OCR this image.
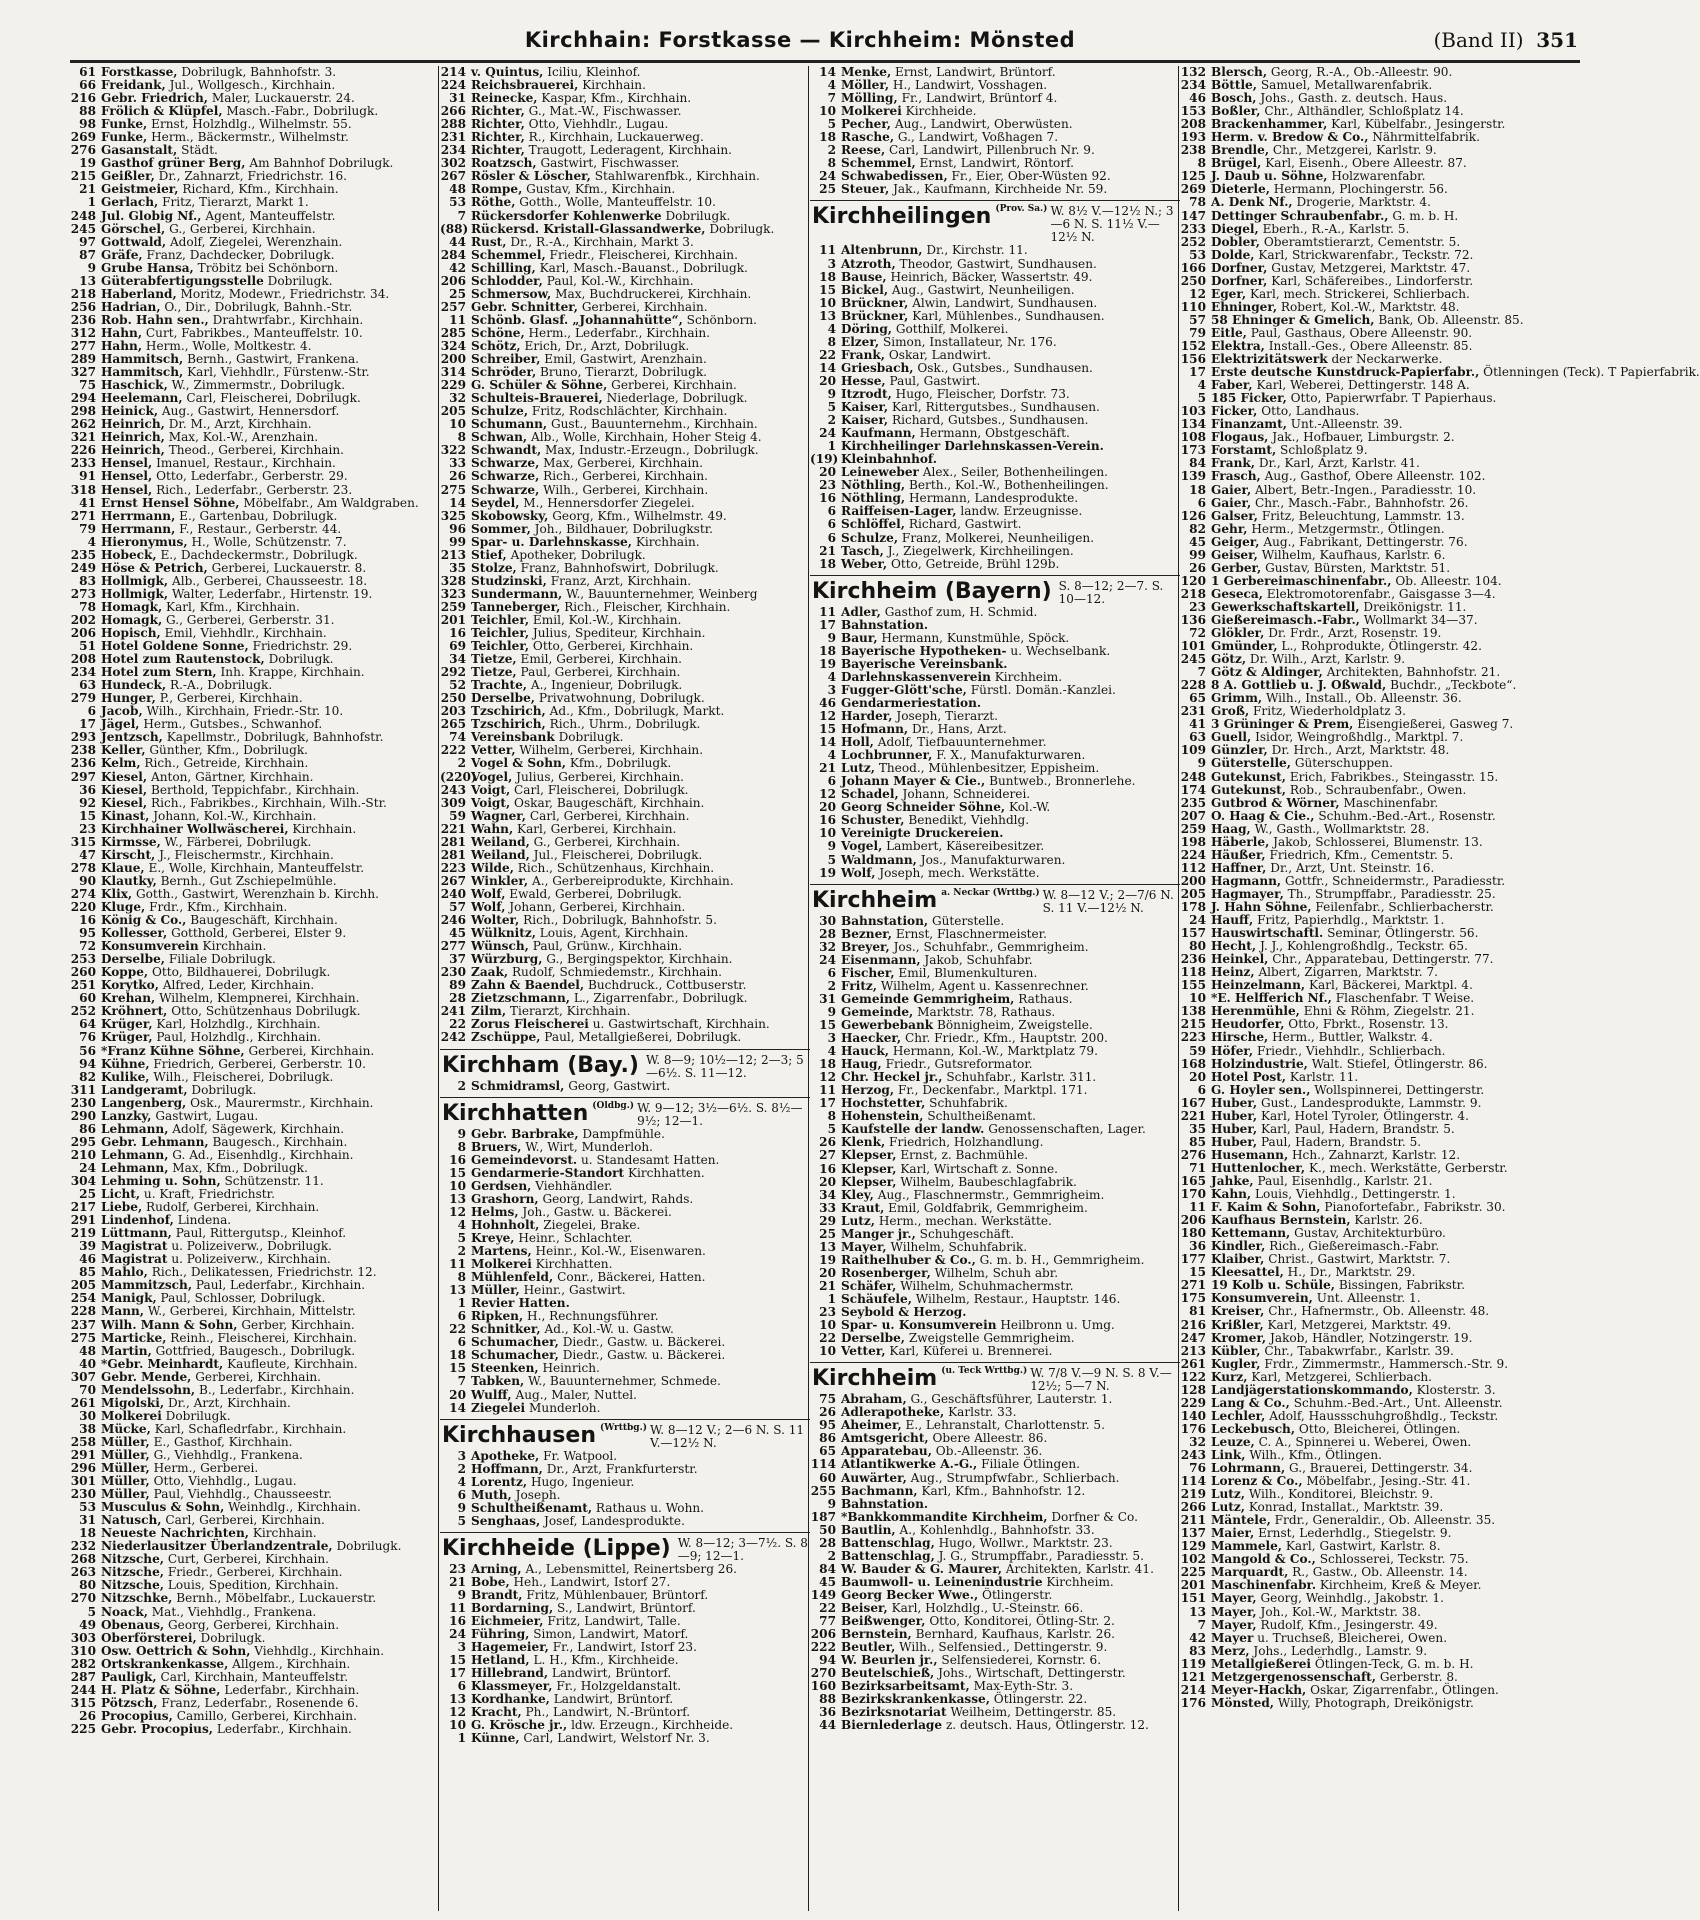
Kirchhain: Forstkasse — Kirchheim: Mönsted	(Band II) 351
61 Forstkasse, Dobrilugk, Bahnhofstr. 3.
66 Freidank, Jul., Wollgesch., Kirchhain.
216 Gebr. Friedrich, Maler, Luckauerstr. 24.
88 Frölich & Klüpfel, Masch.-Fabr., Dobrilugk.
98 Funke, Ernst, Holzhdlg., Wilhelmstr. 55.
269 Funke, Herm., Bäckermstr., Wilhelmstr.
276 Gasanstalt, Städt.
19 Gasthof grüner Berg, Am Bahnhof Dobrilugk.
215 Geißler, Dr., Zahnarzt, Friedrichstr. 16.
21 Geistmeier, Richard, Kfm., Kirchhain.
1 Gerlach, Fritz, Tierarzt, Markt 1.
248 Jul. Globig Nf., Agent, Manteuffelstr.
245 Görschel, G., Gerberei, Kirchhain.
97 Gottwald, Adolf, Ziegelei, Werenzhain.
87 Gräfe, Franz, Dachdecker, Dobrilugk.
9 Grube Hansa, Tröbitz bei Schönborn.
13 Güterabfertigungsstelle Dobrilugk.
218 Haberland, Moritz, Modewr., Friedrichstr. 34.
256 Hadrian, O., Dir., Dobrilugk, Bahnh.-Str.
236 Rob. Hahn sen., Drahtwrfabr., Kirchhain.
312 Hahn, Curt, Fabrikbes., Manteuffelstr. 10.
277 Hahn, Herm., Wolle, Moltkestr. 4.
289 Hammitsch, Bernh., Gastwirt, Frankena.
327 Hammitsch, Karl, Viehhdlr., Fürstenw.-Str.
75 Haschick, W., Zimmermstr., Dobrilugk.
294 Heelemann, Carl, Fleischerei, Dobrilugk.
298 Heinick, Aug., Gastwirt, Hennersdorf.
262 Heinrich, Dr. M., Arzt, Kirchhain.
321 Heinrich, Max, Kol.-W., Arenzhain.
226 Heinrich, Theod., Gerberei, Kirchhain.
233 Hensel, Imanuel, Restaur., Kirchhain.
91 Hensel, Otto, Lederfabr., Gerberstr. 29.
318 Hensel, Rich., Lederfabr., Gerberstr. 23.
41 Ernst Hensel Söhne, Möbelfabr., Am Waldgraben.
271 Herrmann, E., Gartenbau, Dobrilugk.
79 Herrmann, F., Restaur., Gerberstr. 44.
4 Hieronymus, H., Wolle, Schützenstr. 7.
235 Hobeck, E., Dachdeckermstr., Dobrilugk.
249 Höse & Petrich, Gerberei, Luckauerstr. 8.
83 Hollmigk, Alb., Gerberei, Chausseestr. 18.
273 Hollmigk, Walter, Lederfabr., Hirtenstr. 19.
78 Homagk, Karl, Kfm., Kirchhain.
202 Homagk, G., Gerberei, Gerberstr. 31.
206 Hopisch, Emil, Viehhdlr., Kirchhain.
51 Hotel Goldene Sonne, Friedrichstr. 29.
208 Hotel zum Rautenstock, Dobrilugk.
234 Hotel zum Stern, Inh. Krappe, Kirchhain.
63 Hundeck, R.-A., Dobrilugk.
279 Hunger, P., Gerberei, Kirchhain.
6 Jacob, Wilh., Kirchhain, Friedr.-Str. 10.
17 Jägel, Herm., Gutsbes., Schwanhof.
293 Jentzsch, Kapellmstr., Dobrilugk, Bahnhofstr.
238 Keller, Günther, Kfm., Dobrilugk.
236 Kelm, Rich., Getreide, Kirchhain.
297 Kiesel, Anton, Gärtner, Kirchhain.
36 Kiesel, Berthold, Teppichfabr., Kirchhain.
92 Kiesel, Rich., Fabrikbes., Kirchhain, Wilh.-Str.
15 Kinast, Johann, Kol.-W., Kirchhain.
23 Kirchhainer Wollwäscherei, Kirchhain.
315 Kirmsse, W., Färberei, Dobrilugk.
47 Kirscht, J., Fleischermstr., Kirchhain.
278 Klaue, E., Wolle, Kirchhain, Manteuffelstr.
90 Klautky, Bernh., Gut Zschiepelmühle.
274 Klix, Gotth., Gastwirt, Werenzhain b. Kirchh.
220 Kluge, Frdr., Kfm., Kirchhain.
16 König & Co., Baugeschäft, Kirchhain.
95 Kollesser, Gotthold, Gerberei, Elster 9.
72 Konsumverein Kirchhain.
253 Derselbe, Filiale Dobrilugk.
260 Koppe, Otto, Bildhauerei, Dobrilugk.
251 Korytko, Alfred, Leder, Kirchhain.
60 Krehan, Wilhelm, Klempnerei, Kirchhain.
252 Kröhnert, Otto, Schützenhaus Dobrilugk.
64 Krüger, Karl, Holzhdlg., Kirchhain.
76 Krüger, Paul, Holzhdlg., Kirchhain.
56 *Franz Kühne Söhne, Gerberei, Kirchhain.
94 Kühne, Friedrich, Gerberei, Gerberstr. 10.
82 Kulike, Wilh., Fleischerei, Dobrilugk.
311 Landgeramt, Dobrilugk.
230 Langenberg, Osk., Maurermstr., Kirchhain.
290 Lanzky, Gastwirt, Lugau.
86 Lehmann, Adolf, Sägewerk, Kirchhain.
295 Gebr. Lehmann, Baugesch., Kirchhain.
210 Lehmann, G. Ad., Eisenhdlg., Kirchhain.
24 Lehmann, Max, Kfm., Dobrilugk.
304 Lehming u. Sohn, Schützenstr. 11.
25 Licht, u. Kraft, Friedrichstr.
217 Liebe, Rudolf, Gerberei, Kirchhain.
291 Lindenhof, Lindena.
219 Lüttmann, Paul, Rittergutsp., Kleinhof.
39 Magistrat u. Polizeiverw., Dobrilugk.
46 Magistrat u. Polizeiverw., Kirchhain.
85 Mahlo, Rich., Delikatessen, Friedrichstr. 12.
205 Mammitzsch, Paul, Lederfabr., Kirchhain.
254 Manigk, Paul, Schlosser, Dobrilugk.
228 Mann, W., Gerberei, Kirchhain, Mittelstr.
237 Wilh. Mann & Sohn, Gerber, Kirchhain.
275 Marticke, Reinh., Fleischerei, Kirchhain.
48 Martin, Gottfried, Baugesch., Dobrilugk.
40 *Gebr. Meinhardt, Kaufleute, Kirchhain.
307 Gebr. Mende, Gerberei, Kirchhain.
70 Mendelssohn, B., Lederfabr., Kirchhain.
261 Migolski, Dr., Arzt, Kirchhain.
30 Molkerei Dobrilugk.
38 Mücke, Karl, Schafledrfabr., Kirchhain.
258 Müller, E., Gasthof, Kirchhain.
291 Müller, G., Viehhdlg., Frankena.
296 Müller, Herm., Gerberei.
301 Müller, Otto, Viehhdlg., Lugau.
230 Müller, Paul, Viehhdlg., Chausseestr.
53 Musculus & Sohn, Weinhdlg., Kirchhain.
31 Natusch, Carl, Gerberei, Kirchhain.
18 Neueste Nachrichten, Kirchhain.
232 Niederlausitzer Überlandzentrale, Dobrilugk.
268 Nitzsche, Curt, Gerberei, Kirchhain.
263 Nitzsche, Friedr., Gerberei, Kirchhain.
80 Nitzsche, Louis, Spedition, Kirchhain.
270 Nitzschke, Bernh., Möbelfabr., Luckauerstr.
5 Noack, Mat., Viehhdlg., Frankena.
49 Obenaus, Georg, Gerberei, Kirchhain.
303 Oberförsterei, Dobrilugk.
310 Osw. Oettrich & Sohn, Viehhdlg., Kirchhain.
282 Ortskrankenkasse, Allgem., Kirchhain.
287 Pauligk, Carl, Kirchhain, Manteuffelstr.
244 H. Platz & Söhne, Lederfabr., Kirchhain.
315 Pötzsch, Franz, Lederfabr., Rosenende 6.
26 Procopius, Camillo, Gerberei, Kirchhain.
225 Gebr. Procopius, Lederfabr., Kirchhain.
214 v. Quintus, Iciliu, Kleinhof.
224 Reichsbrauerei, Kirchhain.
31 Reinecke, Kaspar, Kfm., Kirchhain.
266 Richter, G., Mat.-W., Fischwasser.
288 Richter, Otto, Viehhdlr., Lugau.
231 Richter, R., Kirchhain, Luckauerweg.
234 Richter, Traugott, Lederagent, Kirchhain.
302 Roatzsch, Gastwirt, Fischwasser.
267 Rösler & Löscher, Stahlwarenfbk., Kirchhain.
48 Rompe, Gustav, Kfm., Kirchhain.
53 Röthe, Gotth., Wolle, Manteuffelstr. 10.
7 Rückersdorfer Kohlenwerke Dobrilugk.
(88) Rückersd. Kristall-Glassandwerke, Dobrilugk.
44 Rust, Dr., R.-A., Kirchhain, Markt 3.
284 Schemmel, Friedr., Fleischerei, Kirchhain.
42 Schilling, Karl, Masch.-Bauanst., Dobrilugk.
206 Schlodder, Paul, Kol.-W., Kirchhain.
25 Schmersow, Max, Buchdruckerei, Kirchhain.
257 Gebr. Schnitter, Gerberei, Kirchhain.
11 Schönb. Glasf. „Johannahütte“, Schönborn.
285 Schöne, Herm., Lederfabr., Kirchhain.
324 Schötz, Erich, Dr., Arzt, Dobrilugk.
200 Schreiber, Emil, Gastwirt, Arenzhain.
314 Schröder, Bruno, Tierarzt, Dobrilugk.
229 G. Schüler & Söhne, Gerberei, Kirchhain.
32 Schulteis-Brauerei, Niederlage, Dobrilugk.
205 Schulze, Fritz, Rodschlächter, Kirchhain.
10 Schumann, Gust., Bauunternehm., Kirchhain.
8 Schwan, Alb., Wolle, Kirchhain, Hoher Steig 4.
322 Schwandt, Max, Industr.-Erzeugn., Dobrilugk.
33 Schwarze, Max, Gerberei, Kirchhain.
26 Schwarze, Rich., Gerberei, Kirchhain.
275 Schwarze, Wilh., Gerberei, Kirchhain.
14 Seydel, M., Hennersdorfer Ziegelei.
325 Skobowsky, Georg, Kfm., Wilhelmstr. 49.
96 Sommer, Joh., Bildhauer, Dobrilugkstr.
99 Spar- u. Darlehnskasse, Kirchhain.
213 Stief, Apotheker, Dobrilugk.
35 Stolze, Franz, Bahnhofswirt, Dobrilugk.
328 Studzinski, Franz, Arzt, Kirchhain.
323 Sundermann, W., Bauunternehmer, Weinberg
259 Tanneberger, Rich., Fleischer, Kirchhain.
201 Teichler, Emil, Kol.-W., Kirchhain.
16 Teichler, Julius, Spediteur, Kirchhain.
69 Teichler, Otto, Gerberei, Kirchhain.
34 Tietze, Emil, Gerberei, Kirchhain.
292 Tietze, Paul, Gerberei, Kirchhain.
52 Trachte, A., Ingenieur, Dobrilugk.
250 Derselbe, Privatwohnung, Dobrilugk.
203 Tzschirich, Ad., Kfm., Dobrilugk, Markt.
265 Tzschirich, Rich., Uhrm., Dobrilugk.
74 Vereinsbank Dobrilugk.
222 Vetter, Wilhelm, Gerberei, Kirchhain.
2 Vogel & Sohn, Kfm., Dobrilugk.
(220)
Vogel, Julius, Gerberei, Kirchhain.
243 Voigt, Carl, Fleischerei, Dobrilugk.
309 Voigt, Oskar, Baugeschäft, Kirchhain.
59 Wagner, Carl, Gerberei, Kirchhain.
221 Wahn, Karl, Gerberei, Kirchhain.
281 Weiland, G., Gerberei, Kirchhain.
281 Weiland, Jul., Fleischerei, Dobrilugk.
223 Wilde, Rich., Schützenhaus, Kirchhain.
267 Winkler, A., Gerbereiprodukte, Kirchhain.
240 Wolf, Ewald, Gerberei, Dobrilugk.
57 Wolf, Johann, Gerberei, Kirchhain.
246 Wolter, Rich., Dobrilugk, Bahnhofstr. 5.
45 Wülknitz, Louis, Agent, Kirchhain.
277 Wünsch, Paul, Grünw., Kirchhain.
37 Würzburg, G., Bergingspektor, Kirchhain.
230 Zaak, Rudolf, Schmiedemstr., Kirchhain.
89 Zahn & Baendel, Buchdruck., Cottbuserstr.
28 Zietzschmann, L., Zigarrenfabr., Dobrilugk.
241 Zilm, Tierarzt, Kirchhain.
22 Zorus Fleischerei u. Gastwirtschaft, Kirchhain.
242 Zschüppe, Paul, Metallgießerei, Dobrilugk.
Kirchham (Bay.) W. 8—9; 10½—12; 2—3; 5—6½. S. 11—12.
2 Schmidramsl, Georg, Gastwirt.
Kirchhatten (Oldbg.) W. 9—12; 3½—6½. S. 8½—9½; 12—1.
9 Gebr. Barbrake, Dampfmühle.
8 Bruers, W., Wirt, Munderloh.
16 Gemeindevorst. u. Standesamt Hatten.
15 Gendarmerie-Standort Kirchhatten.
10 Gerdsen, Viehhändler.
13 Grashorn, Georg, Landwirt, Rahds.
12 Helms, Joh., Gastw. u. Bäckerei.
4 Hohnholt, Ziegelei, Brake.
5 Kreye, Heinr., Schlachter.
2 Martens, Heinr., Kol.-W., Eisenwaren.
11 Molkerei Kirchhatten.
8 Mühlenfeld, Conr., Bäckerei, Hatten.
13 Müller, Heinr., Gastwirt.
1 Revier Hatten.
6 Ripken, H., Rechnungsführer.
22 Schnitker, Ad., Kol.-W. u. Gastw.
6 Schumacher, Diedr., Gastw. u. Bäckerei.
18 Schumacher, Diedr., Gastw. u. Bäckerei.
15 Steenken, Heinrich.
7 Tabken, W., Bauunternehmer, Schmede.
20 Wulff, Aug., Maler, Nuttel.
14 Ziegelei Munderloh.
Kirchhausen (Wrttbg.) W. 8—12 V.; 2—6 N. S. 11 V.—12½ N.
3 Apotheke, Fr. Watpool.
2 Hoffmann, Dr., Arzt, Frankfurterstr.
4 Lorentz, Hugo, Ingenieur.
6 Muth, Joseph.
9 Schultheißenamt, Rathaus u. Wohn.
5 Senghaas, Josef, Landesprodukte.
Kirchheide (Lippe) W. 8—12; 3—7½. S. 8—9; 12—1.
23 Arning, A., Lebensmittel, Reinertsberg 26.
21 Bobe, Heh., Landwirt, Istorf 27.
9 Brandt, Fritz, Mühlenbauer, Brüntorf.
11 Bordarning, S., Landwirt, Brüntorf.
16 Eichmeier, Fritz, Landwirt, Talle.
24 Führing, Simon, Landwirt, Matorf.
3 Hagemeier, Fr., Landwirt, Istorf 23.
15 Hetland, L. H., Kfm., Kirchheide.
17 Hillebrand, Landwirt, Brüntorf.
6 Klassmeyer, Fr., Holzgeldanstalt.
13 Kordhanke, Landwirt, Brüntorf.
12 Kracht, Ph., Landwirt, N.-Brüntorf.
10 G. Krösche jr., ldw. Erzeugn., Kirchheide.
1 Künne, Carl, Landwirt, Welstorf Nr. 3.
14 Menke, Ernst, Landwirt, Brüntorf.
4 Möller, H., Landwirt, Vosshagen.
7 Mölling, Fr., Landwirt, Brüntorf 4.
10 Molkerei Kirchheide.
5 Pecher, Aug., Landwirt, Oberwüsten.
18 Rasche, G., Landwirt, Voßhagen 7.
2 Reese, Carl, Landwirt, Pillenbruch Nr. 9.
8 Schemmel, Ernst, Landwirt, Röntorf.
24 Schwabedissen, Fr., Eier, Ober-Wüsten 92.
25 Steuer, Jak., Kaufmann, Kirchheide Nr. 59.
Kirchheilingen (Prov. Sa.) W. 8½ V.—12½ N.; 3—6 N. S. 11½ V.—12½ N.
11 Altenbrunn, Dr., Kirchstr. 11.
3 Atzroth, Theodor, Gastwirt, Sundhausen.
18 Bause, Heinrich, Bäcker, Wassertstr. 49.
15 Bickel, Aug., Gastwirt, Neunheiligen.
10 Brückner, Alwin, Landwirt, Sundhausen.
13 Brückner, Karl, Mühlenbes., Sundhausen.
4 Döring, Gotthilf, Molkerei.
8 Elzer, Simon, Installateur, Nr. 176.
22 Frank, Oskar, Landwirt.
14 Griesbach, Osk., Gutsbes., Sundhausen.
20 Hesse, Paul, Gastwirt.
9 Itzrodt, Hugo, Fleischer, Dorfstr. 73.
5 Kaiser, Karl, Rittergutsbes., Sundhausen.
2 Kaiser, Richard, Gutsbes., Sundhausen.
24 Kaufmann, Hermann, Obstgeschäft.
1 Kirchheilinger Darlehnskassen-Verein.
(19) Kleinbahnhof.
20 Leineweber Alex., Seiler, Bothenheilingen.
23 Nöthling, Berth., Kol.-W., Bothenheilingen.
16 Nöthling, Hermann, Landesprodukte.
6 Raiffeisen-Lager, landw. Erzeugnisse.
6 Schlöffel, Richard, Gastwirt.
6 Schulze, Franz, Molkerei, Neunheiligen.
21 Tasch, J., Ziegelwerk, Kirchheilingen.
18 Weber, Otto, Getreide, Brühl 129b.
Kirchheim (Bayern) S. 8—12; 2—7. S. 10—12.
11 Adler, Gasthof zum, H. Schmid.
17 Bahnstation.
9 Baur, Hermann, Kunstmühle, Spöck.
18 Bayerische Hypotheken- u. Wechselbank.
19 Bayerische Vereinsbank.
4 Darlehnskassenverein Kirchheim.
3 Fugger-Glött'sche, Fürstl. Domän.-Kanzlei.
46 Gendarmeriestation.
12 Harder, Joseph, Tierarzt.
15 Hofmann, Dr., Hans, Arzt.
14 Holl, Adolf, Tiefbauunternehmer.
4 Lochbrunner, F. X., Manufakturwaren.
21 Lutz, Theod., Mühlenbesitzer, Eppisheim.
6 Johann Mayer & Cie., Buntweb., Bronnerlehe.
12 Schadel, Johann, Schneiderei.
20 Georg Schneider Söhne, Kol.-W.
16 Schuster, Benedikt, Viehhdlg.
10 Vereinigte Druckereien.
9 Vogel, Lambert, Käsereibesitzer.
5 Waldmann, Jos., Manufakturwaren.
19 Wolf, Joseph, mech. Werkstätte.
Kirchheim a. Neckar (Wrttbg.) W. 8—12 V.; 2—7/6 N. S. 11 V.—12½ N.
30 Bahnstation, Güterstelle.
28 Bezner, Ernst, Flaschnermeister.
32 Breyer, Jos., Schuhfabr., Gemmrigheim.
24 Eisenmann, Jakob, Schuhfabr.
6 Fischer, Emil, Blumenkulturen.
2 Fritz, Wilhelm, Agent u. Kassenrechner.
31 Gemeinde Gemmrigheim, Rathaus.
9 Gemeinde, Marktstr. 78, Rathaus.
15 Gewerbebank Bönnigheim, Zweigstelle.
3 Haecker, Chr. Friedr., Kfm., Hauptstr. 200.
4 Hauck, Hermann, Kol.-W., Marktplatz 79.
18 Haug, Friedr., Gutsreformator.
12 Chr. Heckel jr., Schuhfabr., Karlstr. 311.
11 Herzog, Fr., Deckenfabr., Marktpl. 171.
17 Hochstetter, Schuhfabrik.
8 Hohenstein, Schultheißenamt.
5 Kaufstelle der landw. Genossenschaften, Lager.
26 Klenk, Friedrich, Holzhandlung.
27 Klepser, Ernst, z. Bachmühle.
16 Klepser, Karl, Wirtschaft z. Sonne.
20 Klepser, Wilhelm, Baubeschlagfabrik.
34 Kley, Aug., Flaschnermstr., Gemmrigheim.
33 Kraut, Emil, Goldfabrik, Gemmrigheim.
29 Lutz, Herm., mechan. Werkstätte.
25 Manger jr., Schuhgeschäft.
13 Mayer, Wilhelm, Schuhfabrik.
19 Raithelhuber & Co., G. m. b. H., Gemmrigheim.
20 Rosenberger, Wilhelm, Schuh abr.
21 Schäfer, Wilhelm, Schuhmachermstr.
1 Schäufele, Wilhelm, Restaur., Hauptstr. 146.
23 Seybold & Herzog.
10 Spar- u. Konsumverein Heilbronn u. Umg.
22 Derselbe, Zweigstelle Gemmrigheim.
10 Vetter, Karl, Küferei u. Brennerei.
Kirchheim (u. Teck Wrttbg.) W. 7/8 V.—9 N. S. 8 V.—12½; 5—7 N.
75 Abraham, G., Geschäftsführer, Lauterstr. 1.
26 Adlerapotheke, Karlstr. 33.
95 Aheimer, E., Lehranstalt, Charlottenstr. 5.
86 Amtsgericht, Obere Alleestr. 86.
65 Apparatebau, Ob.-Alleenstr. 36.
114 Atlantikwerke A.-G., Filiale Ötlingen.
60 Auwärter, Aug., Strumpfwfabr., Schlierbach.
255 Bachmann, Karl, Kfm., Bahnhofstr. 12.
9 Bahnstation.
187 *Bankkommandite Kirchheim, Dorfner & Co.
50 Bautlin, A., Kohlenhdlg., Bahnhofstr. 33.
28 Battenschlag, Hugo, Wollwr., Marktstr. 23.
2 Battenschlag, J. G., Strumpffabr., Paradiesstr. 5.
84 W. Bauder & G. Maurer, Architekten, Karlstr. 41.
45 Baumwoll- u. Leinenindustrie Kirchheim.
149 Georg Becker Wwe., Ötlingerstr.
22 Beiser, Karl, Holzhdlg., U.-Steinstr. 66.
77 Beißwenger, Otto, Konditorei, Ötling-Str. 2.
206 Bernstein, Bernhard, Kaufhaus, Karlstr. 26.
222 Beutler, Wilh., Selfensied., Dettingerstr. 9.
94 W. Beurlen jr., Selfensiederei, Kornstr. 6.
270 Beutelschieß, Johs., Wirtschaft, Dettingerstr.
160 Bezirksarbeitsamt, Max-Eyth-Str. 3.
88 Bezirkskrankenkasse, Ötlingerstr. 22.
36 Bezirksnotariat Weilheim, Dettingerstr. 85.
44 Biernlederlage z. deutsch. Haus, Ötlingerstr. 12.
132 Blersch, Georg, R.-A., Ob.-Alleestr. 90.
234 Böttle, Samuel, Metallwarenfabrik.
46 Bosch, Johs., Gasth. z. deutsch. Haus.
153 Boßler, Chr., Althändler, Schloßplatz 14.
208 Brackenhammer, Karl, Kübelfabr., Jesingerstr.
193 Herm. v. Bredow & Co., Nährmittelfabrik.
238 Brendle, Chr., Metzgerei, Karlstr. 9.
8 Brügel, Karl, Eisenh., Obere Alleestr. 87.
125 J. Daub u. Söhne, Holzwarenfabr.
269 Dieterle, Hermann, Plochingerstr. 56.
78 A. Denk Nf., Drogerie, Marktstr. 4.
147 Dettinger Schraubenfabr., G. m. b. H.
233 Diegel, Eberh., R.-A., Karlstr. 5.
252 Dobler, Oberamtstierarzt, Cementstr. 5.
53 Dolde, Karl, Strickwarenfabr., Teckstr. 72.
166 Dorfner, Gustav, Metzgerei, Marktstr. 47.
250 Dorfner, Karl, Schäfereibes., Lindorferstr.
12 Eger, Karl, mech. Strickerei, Schlierbach.
110 Ehninger, Robert, Kol.-W., Marktstr. 48.
57 58 Ehninger & Gmelich, Bank, Ob. Alleenstr. 85.
79 Eitle, Paul, Gasthaus, Obere Alleenstr. 90.
152 Elektra, Install.-Ges., Obere Alleenstr. 85.
156 Elektrizitätswerk der Neckarwerke.
17 Erste deutsche Kunstdruck-Papierfabr., Ötlenningen (Teck). T Papierfabrik.
4 Faber, Karl, Weberei, Dettingerstr. 148 A.
5 185 Ficker, Otto, Papierwrfabr. T Papierhaus.
103 Ficker, Otto, Landhaus.
134 Finanzamt, Unt.-Alleenstr. 39.
108 Flogaus, Jak., Hofbauer, Limburgstr. 2.
173 Forstamt, Schloßplatz 9.
84 Frank, Dr., Karl, Arzt, Karlstr. 41.
139 Frasch, Aug., Gasthof, Obere Alleenstr. 102.
18 Gaier, Albert, Betr.-Ingen., Paradiesstr. 10.
6 Gaier, Chr., Masch.-Fabr., Bahnhofstr. 26.
126 Galser, Fritz, Beleuchtung, Lammstr. 13.
82 Gehr, Herm., Metzgermstr., Ötlingen.
45 Geiger, Aug., Fabrikant, Dettingerstr. 76.
99 Geiser, Wilhelm, Kaufhaus, Karlstr. 6.
26 Gerber, Gustav, Bürsten, Marktstr. 51.
120 1 Gerbereimaschinenfabr., Ob. Alleestr. 104.
218 Geseca, Elektromotorenfabr., Gaisgasse 3—4.
23 Gewerkschaftskartell, Dreikönigstr. 11.
136 Gießereimasch.-Fabr., Wollmarkt 34—37.
72 Glökler, Dr. Frdr., Arzt, Rosenstr. 19.
101 Gmünder, L., Rohprodukte, Ötlingerstr. 42.
245 Götz, Dr. Wilh., Arzt, Karlstr. 9.
7 Götz & Aldinger, Architekten, Bahnhofstr. 21.
228 8 A. Gottlieb u. J. Oßwald, Buchdr., „Teckbote“.
65 Grimm, Wilh., Install., Ob. Alleenstr. 36.
231 Groß, Fritz, Wiederholdplatz 3.
41 3 Grüninger & Prem, Eisengießerei, Gasweg 7.
63 Guell, Isidor, Weingroßhdlg., Marktpl. 7.
109 Günzler, Dr. Hrch., Arzt, Marktstr. 48.
9 Güterstelle, Güterschuppen.
248 Gutekunst, Erich, Fabrikbes., Steingasstr. 15.
174 Gutekunst, Rob., Schraubenfabr., Owen.
235 Gutbrod & Wörner, Maschinenfabr.
207 O. Haag & Cie., Schuhm.-Bed.-Art., Rosenstr.
259 Haag, W., Gasth., Wollmarktstr. 28.
198 Häberle, Jakob, Schlosserei, Blumenstr. 13.
224 Häußer, Friedrich, Kfm., Cementstr. 5.
112 Haffner, Dr., Arzt, Unt. Steinstr. 16.
200 Hagmann, Gottfr., Schneidermstr., Paradiesstr.
205 Hagmayer, Th., Strumpffabr., Paradiesstr. 25.
178 J. Hahn Söhne, Feilenfabr., Schlierbacherstr.
24 Hauff, Fritz, Papierhdlg., Marktstr. 1.
157 Hauswirtschaftl. Seminar, Ötlingerstr. 56.
80 Hecht, J. J., Kohlengroßhdlg., Teckstr. 65.
236 Heinkel, Chr., Apparatebau, Dettingerstr. 77.
118 Heinz, Albert, Zigarren, Marktstr. 7.
155 Heinzelmann, Karl, Bäckerei, Marktpl. 4.
10 *E. Helfferich Nf., Flaschenfabr. T Weise.
138 Herenmühle, Ehni & Röhm, Ziegelstr. 21.
215 Heudorfer, Otto, Fbrkt., Rosenstr. 13.
223 Hirsche, Herm., Buttler, Walkstr. 4.
59 Höfer, Friedr., Viehhdlr., Schlierbach.
168 Holzindustrie, Walt. Stiefel, Ötlingerstr. 86.
20 Hotel Post, Karlstr. 11.
6 G. Hoyler sen., Wollspinnerei, Dettingerstr.
167 Huber, Gust., Landesprodukte, Lammstr. 9.
221 Huber, Karl, Hotel Tyroler, Ötlingerstr. 4.
35 Huber, Karl, Paul, Hadern, Brandstr. 5.
85 Huber, Paul, Hadern, Brandstr. 5.
276 Husemann, Hch., Zahnarzt, Karlstr. 12.
71 Huttenlocher, K., mech. Werkstätte, Gerberstr.
165 Jahke, Paul, Eisenhdlg., Karlstr. 21.
170 Kahn, Louis, Viehhdlg., Dettingerstr. 1.
11 F. Kaim & Sohn, Pianofortefabr., Fabrikstr. 30.
206 Kaufhaus Bernstein, Karlstr. 26.
180 Kettemann, Gustav, Architekturbüro.
36 Kindler, Rich., Gießereimasch.-Fabr.
177 Klaiber, Christ., Gastwirt, Marktstr. 7.
15 Kleesattel, H., Dr., Marktstr. 29.
271 19 Kolb u. Schüle, Bissingen, Fabrikstr.
175 Konsumverein, Unt. Alleenstr. 1.
81 Kreiser, Chr., Hafnermstr., Ob. Alleenstr. 48.
216 Krißler, Karl, Metzgerei, Marktstr. 49.
247 Kromer, Jakob, Händler, Notzingerstr. 19.
213 Kübler, Chr., Tabakwrfabr., Karlstr. 39.
261 Kugler, Frdr., Zimmermstr., Hammersch.-Str. 9.
122 Kurz, Karl, Metzgerei, Schlierbach.
128 Landjägerstationskommando, Klosterstr. 3.
229 Lang & Co., Schuhm.-Bed.-Art., Unt. Alleenstr.
140 Lechler, Adolf, Haussschuhgroßhdlg., Teckstr.
176 Leckebusch, Otto, Bleicherei, Ötlingen.
32 Leuze, C. A., Spinnerei u. Weberei, Owen.
243 Link, Wilh., Kfm., Ötlingen.
76 Lohrmann, G., Brauerei, Dettingerstr. 34.
114 Lorenz & Co., Möbelfabr., Jesing.-Str. 41.
219 Lutz, Wilh., Konditorei, Bleichstr. 9.
266 Lutz, Konrad, Installat., Marktstr. 39.
211 Mäntele, Frdr., Generaldir., Ob. Alleenstr. 35.
137 Maier, Ernst, Lederhdlg., Stiegelstr. 9.
129 Mammele, Karl, Gastwirt, Karlstr. 8.
102 Mangold & Co., Schlosserei, Teckstr. 75.
225 Marquardt, R., Gastw., Ob. Alleenstr. 14.
201 Maschinenfabr. Kirchheim, Kreß & Meyer.
151 Mayer, Georg, Weinhdlg., Jakobstr. 1.
13 Mayer, Joh., Kol.-W., Marktstr. 38.
7 Mayer, Rudolf, Kfm., Jesingerstr. 49.
42 Mayer u. Truchseß, Bleicherei, Owen.
83 Merz, Johs., Lederhdlg., Lamstr. 9.
119 Metallgießerei Ötlingen-Teck, G. m. b. H.
121 Metzgergenossenschaft, Gerberstr. 8.
214 Meyer-Hackh, Oskar, Zigarrenfabr., Ötlingen.
176 Mönsted, Willy, Photograph, Dreikönigstr.
